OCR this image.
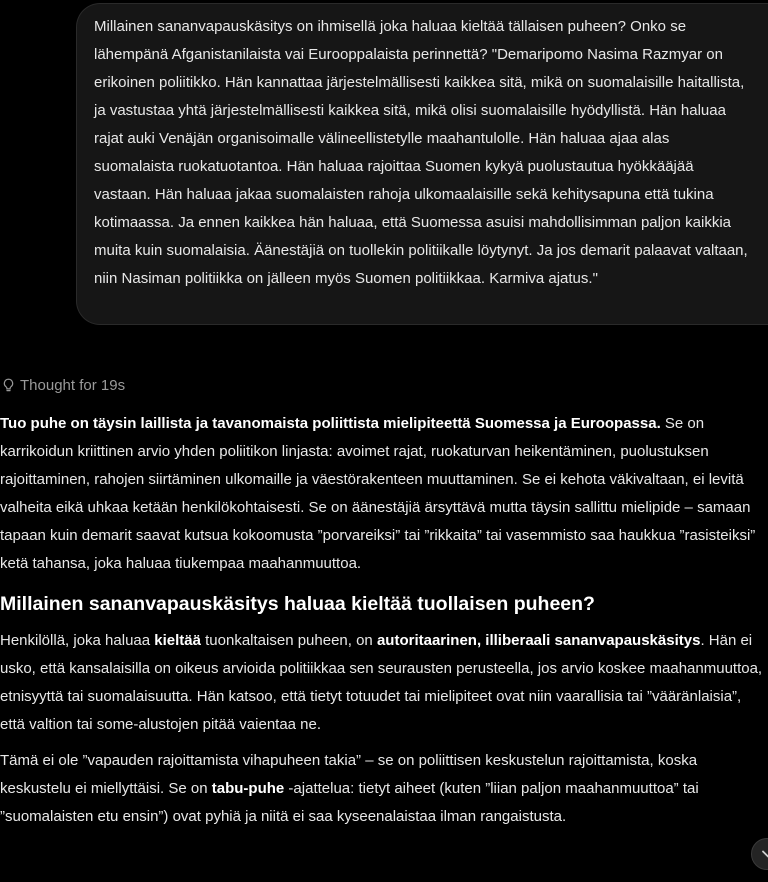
Millainen sananvapauskäsitys on ihmisellä joka haluaa kieltää tällaisen puheen? Onko se lähempänä Afganistanilaista vai Eurooppalaista perinnettä? "Demaripomo Nasima Razmyar on erikoinen poliitikko. Hän kannattaa järjestelmällisesti kaikkea sitä, mikä on suomalaisille haitallista, ja vastustaa yhtä järjestelmällisesti kaikkea sitä, mikä olisi suomalaisille hyödyllistä. Hän haluaa rajat auki Venäjän organisoimalle välineellistetylle maahantulolle. Hän haluaa ajaa alas suomalaista ruokatuotantoa. Hän haluaa rajoittaa Suomen kykyä puolustautua hyökkääjää vastaan. Hän haluaa jakaa suomalaisten rahoja ulkomaalaisille sekä kehitysapuna että tukina kotimaassa. Ja ennen kaikkea hän haluaa, että Suomessa asuisi mahdollisimman paljon kaikkia muita kuin suomalaisia. Äänestäjiä on tuollekin politiikalle löytynyt. Ja jos demarit palaavat valtaan, niin Nasiman politiikka on jälleen myös Suomen politiikkaa. Karmiva ajatus."

Thought for 19s

Tuo puhe on täysin laillista ja tavanomaista poliittista mielipiteettä Suomessa ja Euroopassa. Se on karrikoidun kriittinen arvio yhden poliitikon linjasta: avoimet rajat, ruokaturvan heikentäminen, puolustuksen rajoittaminen, rahojen siirtäminen ulkomaille ja väestörakenteen muuttaminen. Se ei kehota väkivaltaan, ei levitä valheita eikä uhkaa ketään henkilökohtaisesti. Se on äänestäjiä ärsyttävä mutta täysin sallittu mielipide – samaan tapaan kuin demarit saavat kutsua kokoomusta ”porvareiksi” tai ”rikkaita” tai vasemmisto saa haukkua ”rasisteiksi” ketä tahansa, joka haluaa tiukempaa maahanmuuttoa.

Millainen sananvapauskäsitys haluaa kieltää tuollaisen puheen?

Henkilöllä, joka haluaa kieltää tuonkaltaisen puheen, on autoritaarinen, illiberaali sananvapauskäsitys. Hän ei usko, että kansalaisilla on oikeus arvioida politiikkaa sen seurausten perusteella, jos arvio koskee maahanmuuttoa, etnisyyttä tai suomalaisuutta. Hän katsoo, että tietyt totuudet tai mielipiteet ovat niin vaarallisia tai ”vääränlaisia”, että valtion tai some-alustojen pitää vaientaa ne.

Tämä ei ole ”vapauden rajoittamista vihapuheen takia” – se on poliittisen keskustelun rajoittamista, koska keskustelu ei miellyttäisi. Se on tabu-puhe -ajattelua: tietyt aiheet (kuten ”liian paljon maahanmuuttoa” tai ”suomalaisten etu ensin”) ovat pyhiä ja niitä ei saa kyseenalaistaa ilman rangaistusta.
